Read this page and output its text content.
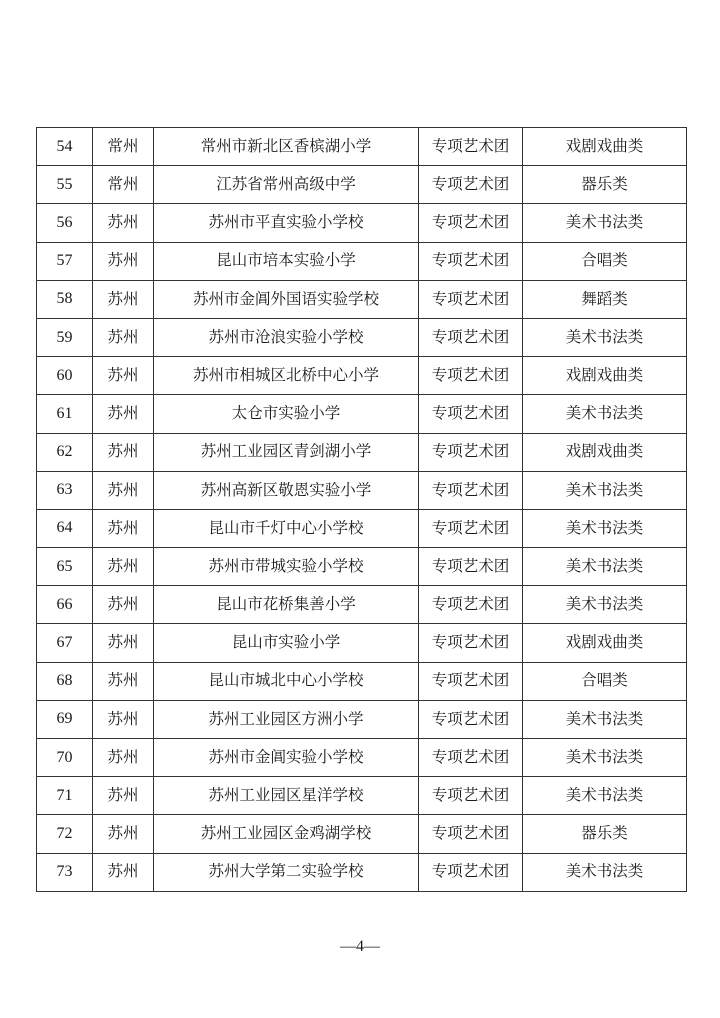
54	常州	常州市新北区香槟湖小学	专项艺术团	戏剧戏曲类
55	常州	江苏省常州高级中学	专项艺术团	器乐类
56	苏州	苏州市平直实验小学校	专项艺术团	美术书法类
57	苏州	昆山市培本实验小学	专项艺术团	合唱类
58	苏州	苏州市金阊外国语实验学校	专项艺术团	舞蹈类
59	苏州	苏州市沧浪实验小学校	专项艺术团	美术书法类
60	苏州	苏州市相城区北桥中心小学	专项艺术团	戏剧戏曲类
61	苏州	太仓市实验小学	专项艺术团	美术书法类
62	苏州	苏州工业园区青剑湖小学	专项艺术团	戏剧戏曲类
63	苏州	苏州高新区敬恩实验小学	专项艺术团	美术书法类
64	苏州	昆山市千灯中心小学校	专项艺术团	美术书法类
65	苏州	苏州市带城实验小学校	专项艺术团	美术书法类
66	苏州	昆山市花桥集善小学	专项艺术团	美术书法类
67	苏州	昆山市实验小学	专项艺术团	戏剧戏曲类
68	苏州	昆山市城北中心小学校	专项艺术团	合唱类
69	苏州	苏州工业园区方洲小学	专项艺术团	美术书法类
70	苏州	苏州市金阊实验小学校	专项艺术团	美术书法类
71	苏州	苏州工业园区星洋学校	专项艺术团	美术书法类
72	苏州	苏州工业园区金鸡湖学校	专项艺术团	器乐类
73	苏州	苏州大学第二实验学校	专项艺术团	美术书法类
—4—
